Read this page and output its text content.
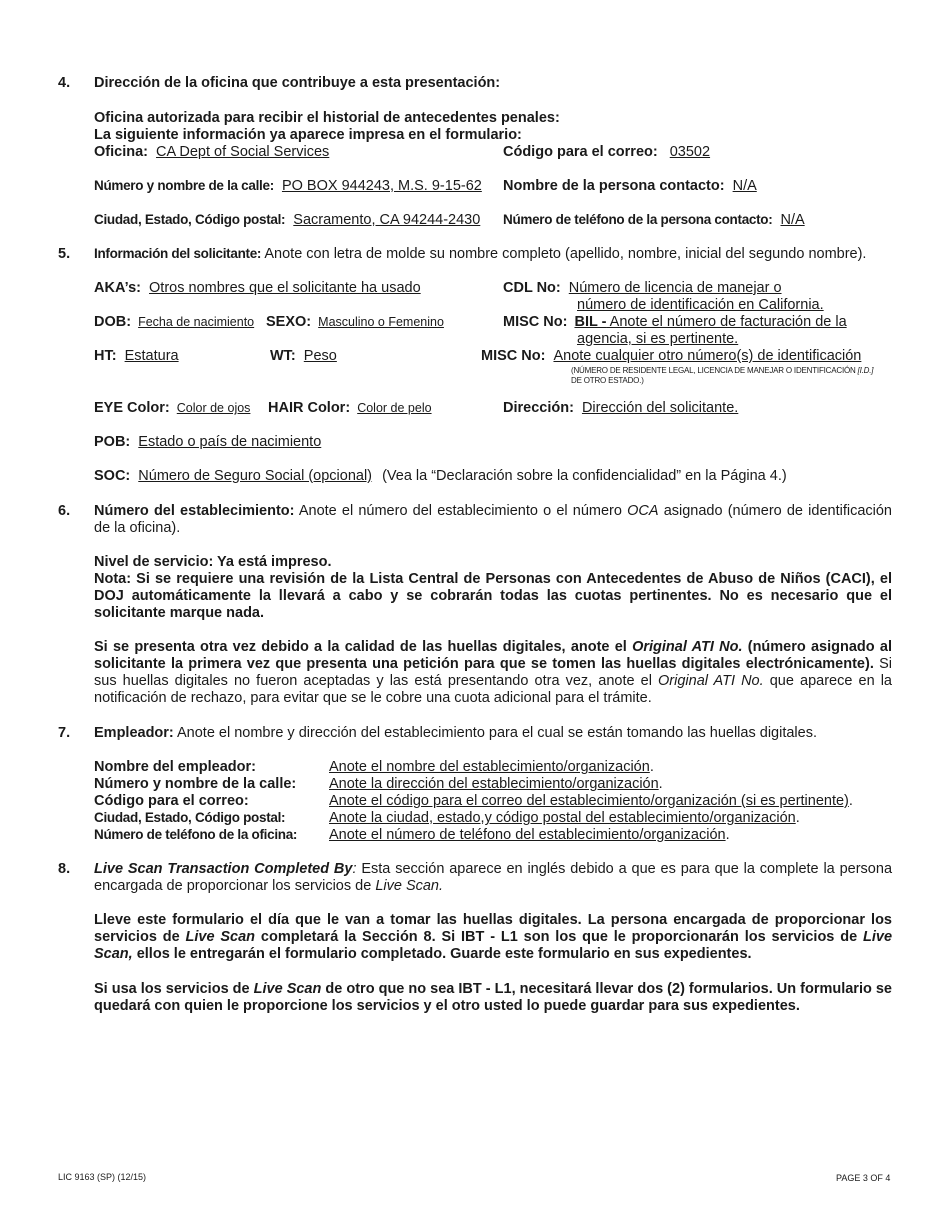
4. Dirección de la oficina que contribuye a esta presentación:
Oficina autorizada para recibir el historial de antecedentes penales:
La siguiente información ya aparece impresa en el formulario:
Oficina: CA Dept of Social Services	Código para el correo: 03502
Número y nombre de la calle: PO BOX 944243, M.S. 9-15-62 Nombre de la persona contacto: N/A
Ciudad, Estado, Código postal: Sacramento, CA 94244-2430 Número de teléfono de la persona contacto: N/A
5. Información del solicitante: Anote con letra de molde su nombre completo (apellido, nombre, inicial del segundo nombre).
AKA’s: Otros nombres que el solicitante ha usado	CDL No: Número de licencia de manejar o
número de identificación en California.
DOB: Fecha de nacimiento SEXO: Masculino o Femenino	MISC No: BIL - Anote el número de facturación de la
agencia, si es pertinente.
HT: Estatura	WT: Peso	MISC No: Anote cualquier otro número(s) de identificación
(NÚMERO DE RESIDENTE LEGAL, LICENCIA DE MANEJAR O IDENTIFICACIÓN [I.D.]
DE OTRO ESTADO.)
EYE Color: Color de ojos HAIR Color: Color de pelo	Dirección: Dirección del solicitante.
POB: Estado o país de nacimiento
SOC: Número de Seguro Social (opcional) (Vea la “Declaración sobre la confidencialidad” en la Página 4.)
6. Número del establecimiento: Anote el número del establecimiento o el número OCA asignado (número de identificación de la oficina).
Nivel de servicio: Ya está impreso.
Nota: Si se requiere una revisión de la Lista Central de Personas con Antecedentes de Abuso de Niños (CACI), el DOJ automáticamente la llevará a cabo y se cobrarán todas las cuotas pertinentes. No es necesario que el solicitante marque nada.
Si se presenta otra vez debido a la calidad de las huellas digitales, anote el Original ATI No. (número asignado al solicitante la primera vez que presenta una petición para que se tomen las huellas digitales electrónicamente). Si sus huellas digitales no fueron aceptadas y las está presentando otra vez, anote el Original ATI No. que aparece en la notificación de rechazo, para evitar que se le cobre una cuota adicional para el trámite.
7. Empleador: Anote el nombre y dirección del establecimiento para el cual se están tomando las huellas digitales.
Nombre del empleador:	Anote el nombre del establecimiento/organización.
Número y nombre de la calle: Anote la dirección del establecimiento/organización.
Código para el correo:	Anote el código para el correo del establecimiento/organización (si es pertinente).
Ciudad, Estado, Código postal:	Anote la ciudad, estado,y código postal del establecimiento/organización.
Número de teléfono de la oficina: Anote el número de teléfono del establecimiento/organización.
8. Live Scan Transaction Completed By: Esta sección aparece en inglés debido a que es para que la complete la persona encargada de proporcionar los servicios de Live Scan.
Lleve este formulario el día que le van a tomar las huellas digitales. La persona encargada de proporcionar los servicios de Live Scan completará la Sección 8. Si IBT - L1 son los que le proporcionarán los servicios de Live Scan, ellos le entregarán el formulario completado. Guarde este formulario en sus expedientes.
Si usa los servicios de Live Scan de otro que no sea IBT - L1, necesitará llevar dos (2) formularios. Un formulario se quedará con quien le proporcione los servicios y el otro usted lo puede guardar para sus expedientes.
LIC 9163 (SP) (12/15)	PAGE 3 OF 4
